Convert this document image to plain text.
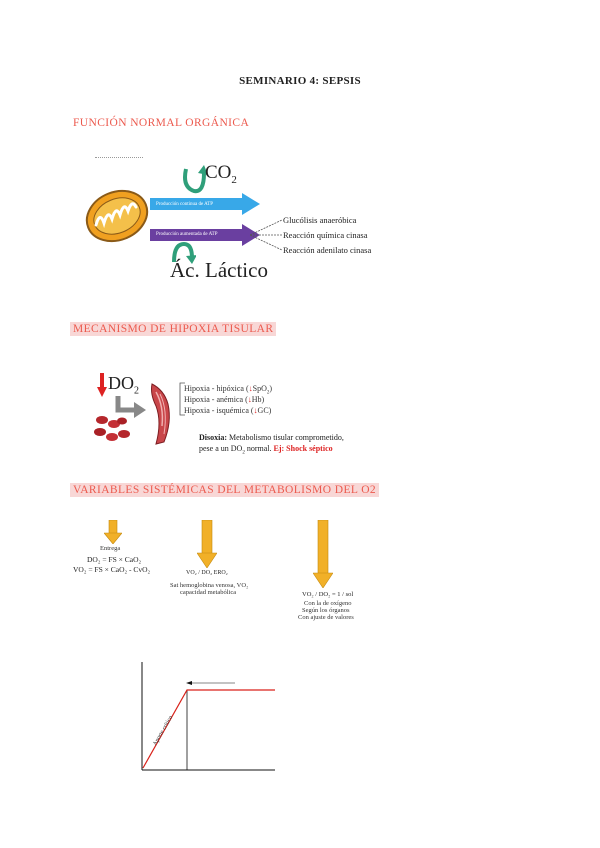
SEMINARIO 4: SEPSIS
FUNCIÓN NORMAL ORGÁNICA
MECANISMO DE HIPOXIA TISULAR
VARIABLES SISTÉMICAS DEL METABOLISMO DEL O2
$CO_2$
Producción continua de ATP
Producción aumentada de ATP
Glucólisis anaeróbica
Reacción química cinasa
Reacción adenilato cinasa
Ác. Láctico
$DO_2$	Hipoxia - hipóxica (↓SpO$_2$)
Hipoxia - anémica (↓Hb)
Hipoxia - isquémica (↓GC)
Disoxia: Metabolismo tisular comprometido,
pese a un $DO_2$ normal. Ej: Shock séptico
Entrega
DO₂ = FS × CaO₂
VO₂ = FS × CaO₂ - CvO₂	VO₂ / DO₂ ERO₂
Sat hemoglobina venosa, VO₂
capacidad metabólica	VO₂ / DO₂ = 1 / sol
Con la de oxígeno
Según los órganos
Con ajuste de valores
Aporte crítico
